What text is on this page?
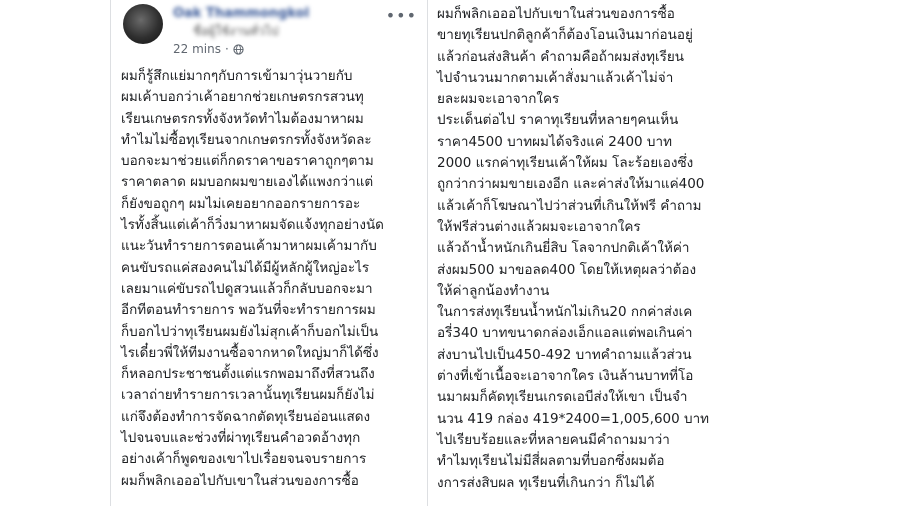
Oak Thammongkol
ชื่อผู้ใช้งานทั่วไป
22 mins ·
•••
ผมก็รู้สึกแย่มากๆกับการเข้ามาวุ่นวายกับ
ผมเค้าบอกว่าเค้าอยากช่วยเกษตรกรสวนทุ
เรียนเกษตรกรทั้งจังหวัดทำไมต้องมาหาผม
ทำไมไม่ซื้อทุเรียนจากเกษตรกรทั้งจังหวัดละ
บอกจะมาช่วยแต่ก็กดราคาขอราคาถูกๆตาม
ราคาตลาด ผมบอกผมขายเองได้แพงกว่าแต่
ก็ยังขอถูกๆ ผมไม่เคยอยากออกรายการอะ
ไรทั้งสิ้นแต่เค้าก็วิ่งมาหาผมจัดแจ้งทุกอย่างนัด
แนะวันทำรายการตอนเค้ามาหาผมเค้ามากับ
คนขับรถแค่สองคนไม่ได้มีผู้หลักผู้ใหญ่อะไร
เลยมาแค่ขับรถไปดูสวนแล้วก็กลับบอกจะมา
อีกทีตอนทำรายการ พอวันที่จะทำรายการผม
ก็บอกไปว่าทุเรียนผมยังไม่สุกเค้าก็บอกไม่เป็น
ไรเดี๋ยวพี่ให้ทีมงานซื้อจากหาดใหญ่มาก็ได้ซึ่ง
ก็หลอกประชาชนตั้งแต่แรกพอมาถึงที่สวนถึง
เวลาถ่ายทำรายการเวลานั้นทุเรียนผมก็ยังไม่
แก่จึงต้องทำการจัดฉากตัดทุเรียนอ่อนแสดง
ไปจนจบและช่วงที่ผ่าทุเรียนคำอวดอ้างทุก
อย่างเค้าก็พูดของเขาไปเรื่อยจนจบรายการ
ผมก็พลิกเอออไปกับเขาในส่วนของการซื้อ
ผมก็พลิกเอออไปกับเขาในส่วนของการซื้อ
ขายทุเรียนปกติลูกค้าก็ต้องโอนเงินมาก่อนอยู่
แล้วก่อนส่งสินค้า คำถามคือถ้าผมส่งทุเรียน
ไปจำนวนมากตามเค้าสั่งมาแล้วเค้าไม่จ่า
ยละผมจะเอาจากใคร
ประเด็นต่อไป ราคาทุเรียนที่หลายๆคนเห็น
ราคา4500 บาทผมได้จริงแค่ 2400 บาท
2000 แรกค่าทุเรียนเค้าให้ผม โละร้อยเองซึ่ง
ถูกว่ากว่าผมขายเองอีก และค่าส่งให้มาแค่400
แล้วเค้าก็โฆษณาไปว่าส่วนที่เกินให้ฟรี คำถาม
ให้ฟรีส่วนต่างแล้วผมจะเอาจากใคร
แล้วถ้าน้ำหนักเกินยี่สิบ โลจากปกติเค้าให้ค่า
ส่งผม500 มาขอลด400 โดยให้เหตุผลว่าต้อง
ให้ค่าลูกน้องทำงาน
ในการส่งทุเรียนน้ำหนักไม่เกิน20 กกค่าส่งเค
อรี่340 บาทขนาดกล่องเอ็กแอลแต่พอเกินค่า
ส่งบานไปเป็น450-492 บาทคำถามแล้วส่วน
ต่างที่เข้าเนื้อจะเอาจากใคร เงินล้านบาทที่โอ
นมาผมก็คัดทุเรียนเกรดเอบีส่งให้เขา เป็นจำ
นวน 419 กล่อง 419*2400=1,005,600 บาท
ไปเรียบร้อยและที่หลายคนมีคำถามมาว่า
ทำไมทุเรียนไม่มีสี่ผลตามที่บอกซึ่งผมต้อ
งการส่งสิบผล ทุเรียนที่เกินกว่า ก็ไม่ได้
